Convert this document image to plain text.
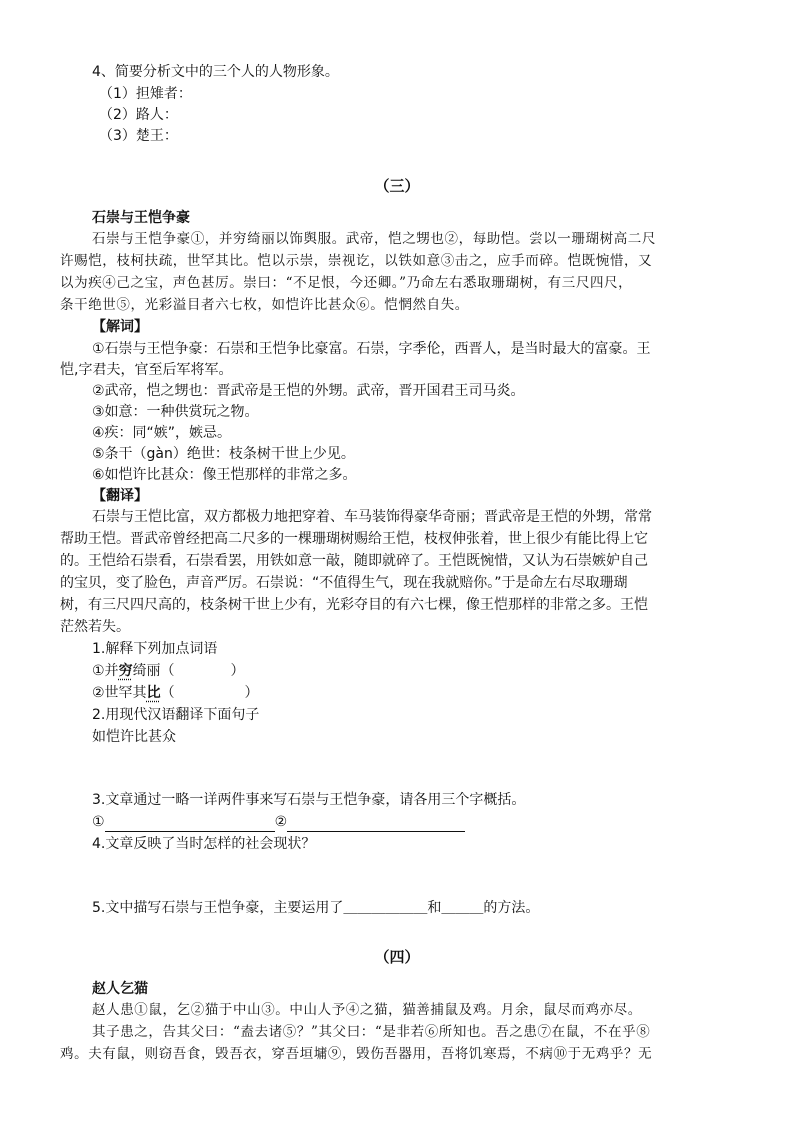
4、简要分析文中的三个人的人物形象。
（1）担雉者：
（2）路人：
（3）楚王：
（三）
石崇与王恺争豪
石崇与王恺争豪①，并穷绮丽以饰舆服。武帝，恺之甥也②，每助恺。尝以一珊瑚树高二尺
许赐恺，枝柯扶疏，世罕其比。恺以示崇，崇视讫，以铁如意③击之，应手而碎。恺既惋惜，又
以为疾④己之宝，声色甚厉。崇曰：“不足恨，今还卿。”乃命左右悉取珊瑚树，有三尺四尺，
条干绝世⑤，光彩溢目者六七枚，如恺许比甚众⑥。恺惘然自失。
【解词】
①石崇与王恺争豪：石崇和王恺争比豪富。石崇，字季伦，西晋人，是当时最大的富豪。王
恺,字君夫，官至后军将军。
②武帝，恺之甥也：晋武帝是王恺的外甥。武帝，晋开国君王司马炎。
③如意：一种供赏玩之物。
④疾：同“嫉”，嫉忌。
⑤条干（gàn）绝世：枝条树干世上少见。
⑥如恺许比甚众：像王恺那样的非常之多。
【翻译】
石崇与王恺比富，双方都极力地把穿着、车马装饰得豪华奇丽；晋武帝是王恺的外甥，常常
帮助王恺。晋武帝曾经把高二尺多的一棵珊瑚树赐给王恺，枝杈伸张着，世上很少有能比得上它
的。王恺给石崇看，石崇看罢，用铁如意一敲，随即就碎了。王恺既惋惜，又认为石崇嫉妒自己
的宝贝，变了脸色，声音严厉。石崇说：“不值得生气，现在我就赔你。”于是命左右尽取珊瑚
树，有三尺四尺高的，枝条树干世上少有，光彩夺目的有六七棵，像王恺那样的非常之多。王恺
茫然若失。
1.解释下列加点词语
①并穷绮丽（　　　　）
②世罕其比（　　　　　）
2.用现代汉语翻译下面句子
如恺许比甚众
3.文章通过一略一详两件事来写石崇与王恺争豪，请各用三个字概括。
①	②
4.文章反映了当时怎样的社会现状？
5.文中描写石崇与王恺争豪，主要运用了＿＿＿＿＿＿和＿＿＿的方法。
（四）
赵人乞猫
赵人患①鼠，乞②猫于中山③。中山人予④之猫，猫善捕鼠及鸡。月余，鼠尽而鸡亦尽。
其子患之，告其父曰：“盍去诸⑤？”其父曰：“是非若⑥所知也。吾之患⑦在鼠，不在乎⑧
鸡。夫有鼠，则窃吾食，毁吾衣，穿吾垣墉⑨，毁伤吾器用，吾将饥寒焉，不病⑩于无鸡乎？无
